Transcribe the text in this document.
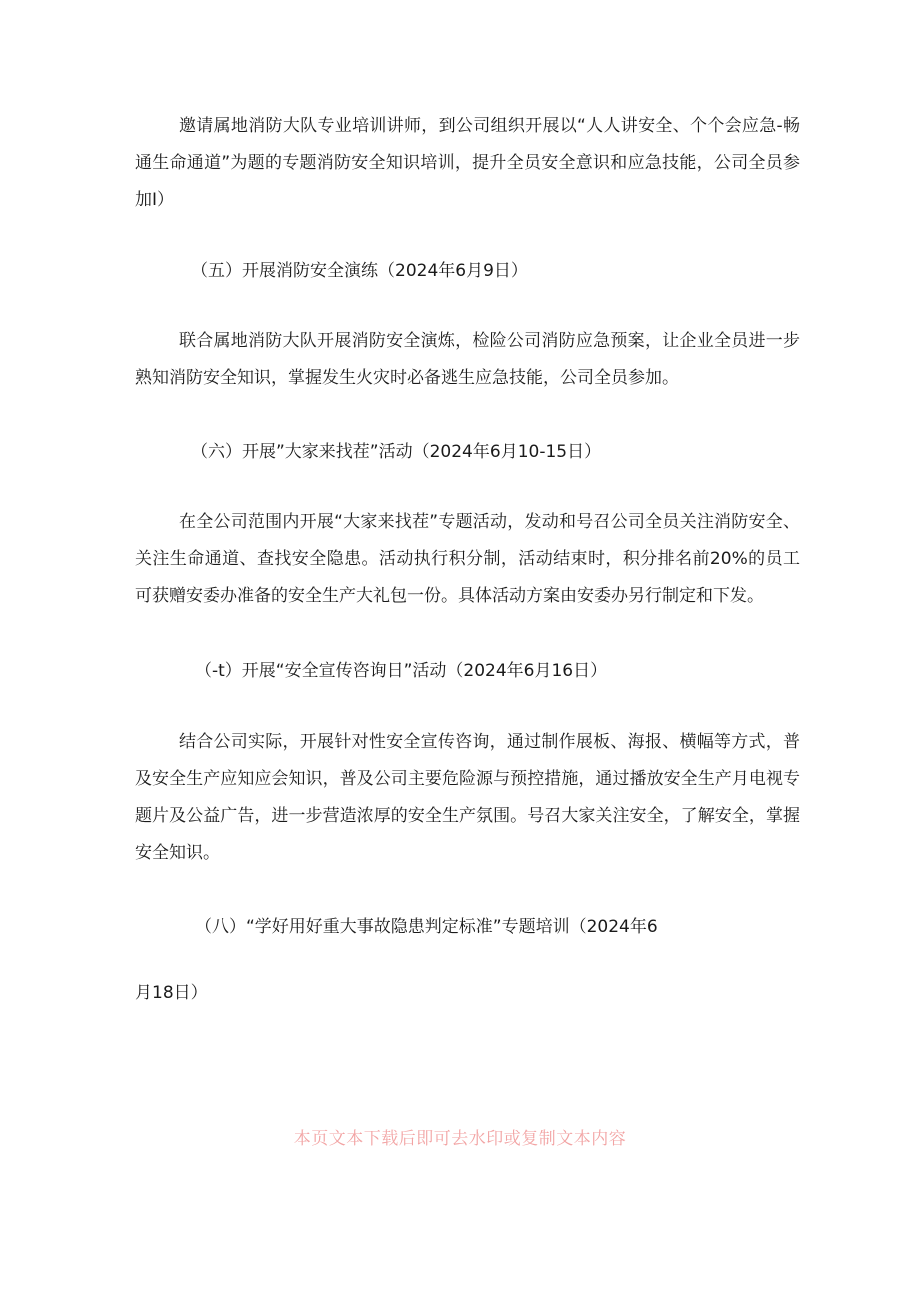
邀请属地消防大队专业培训讲师，到公司组织开展以“人人讲安全、个个会应急-畅通生命通道”为题的专题消防安全知识培训，提升全员安全意识和应急技能，公司全员参加I）
（五）开展消防安全演练（2024年6月9日）
联合属地消防大队开展消防安全演炼，检险公司消防应急预案，让企业全员进一步熟知消防安全知识，掌握发生火灾时必备逃生应急技能，公司全员参加。
（六）开展”大家来找茬”活动（2024年6月10-15日）
在全公司范围内开展“大家来找茬”专题活动，发动和号召公司全员关注消防安全、关注生命通道、查找安全隐患。活动执行积分制，活动结束时，积分排名前20%的员工可获赠安委办准备的安全生产大礼包一份。具体活动方案由安委办另行制定和下发。
（-t）开展“安全宣传咨询日”活动（2024年6月16日）
结合公司实际，开展针对性安全宣传咨询，通过制作展板、海报、横幅等方式，普及安全生产应知应会知识，普及公司主要危险源与预控措施，通过播放安全生产月电视专题片及公益广告，进一步营造浓厚的安全生产氛围。号召大家关注安全，了解安全，掌握安全知识。
（八）“学好用好重大事故隐患判定标准”专题培训（2024年6
月18日）
本页文本下载后即可去水印或复制文本内容
